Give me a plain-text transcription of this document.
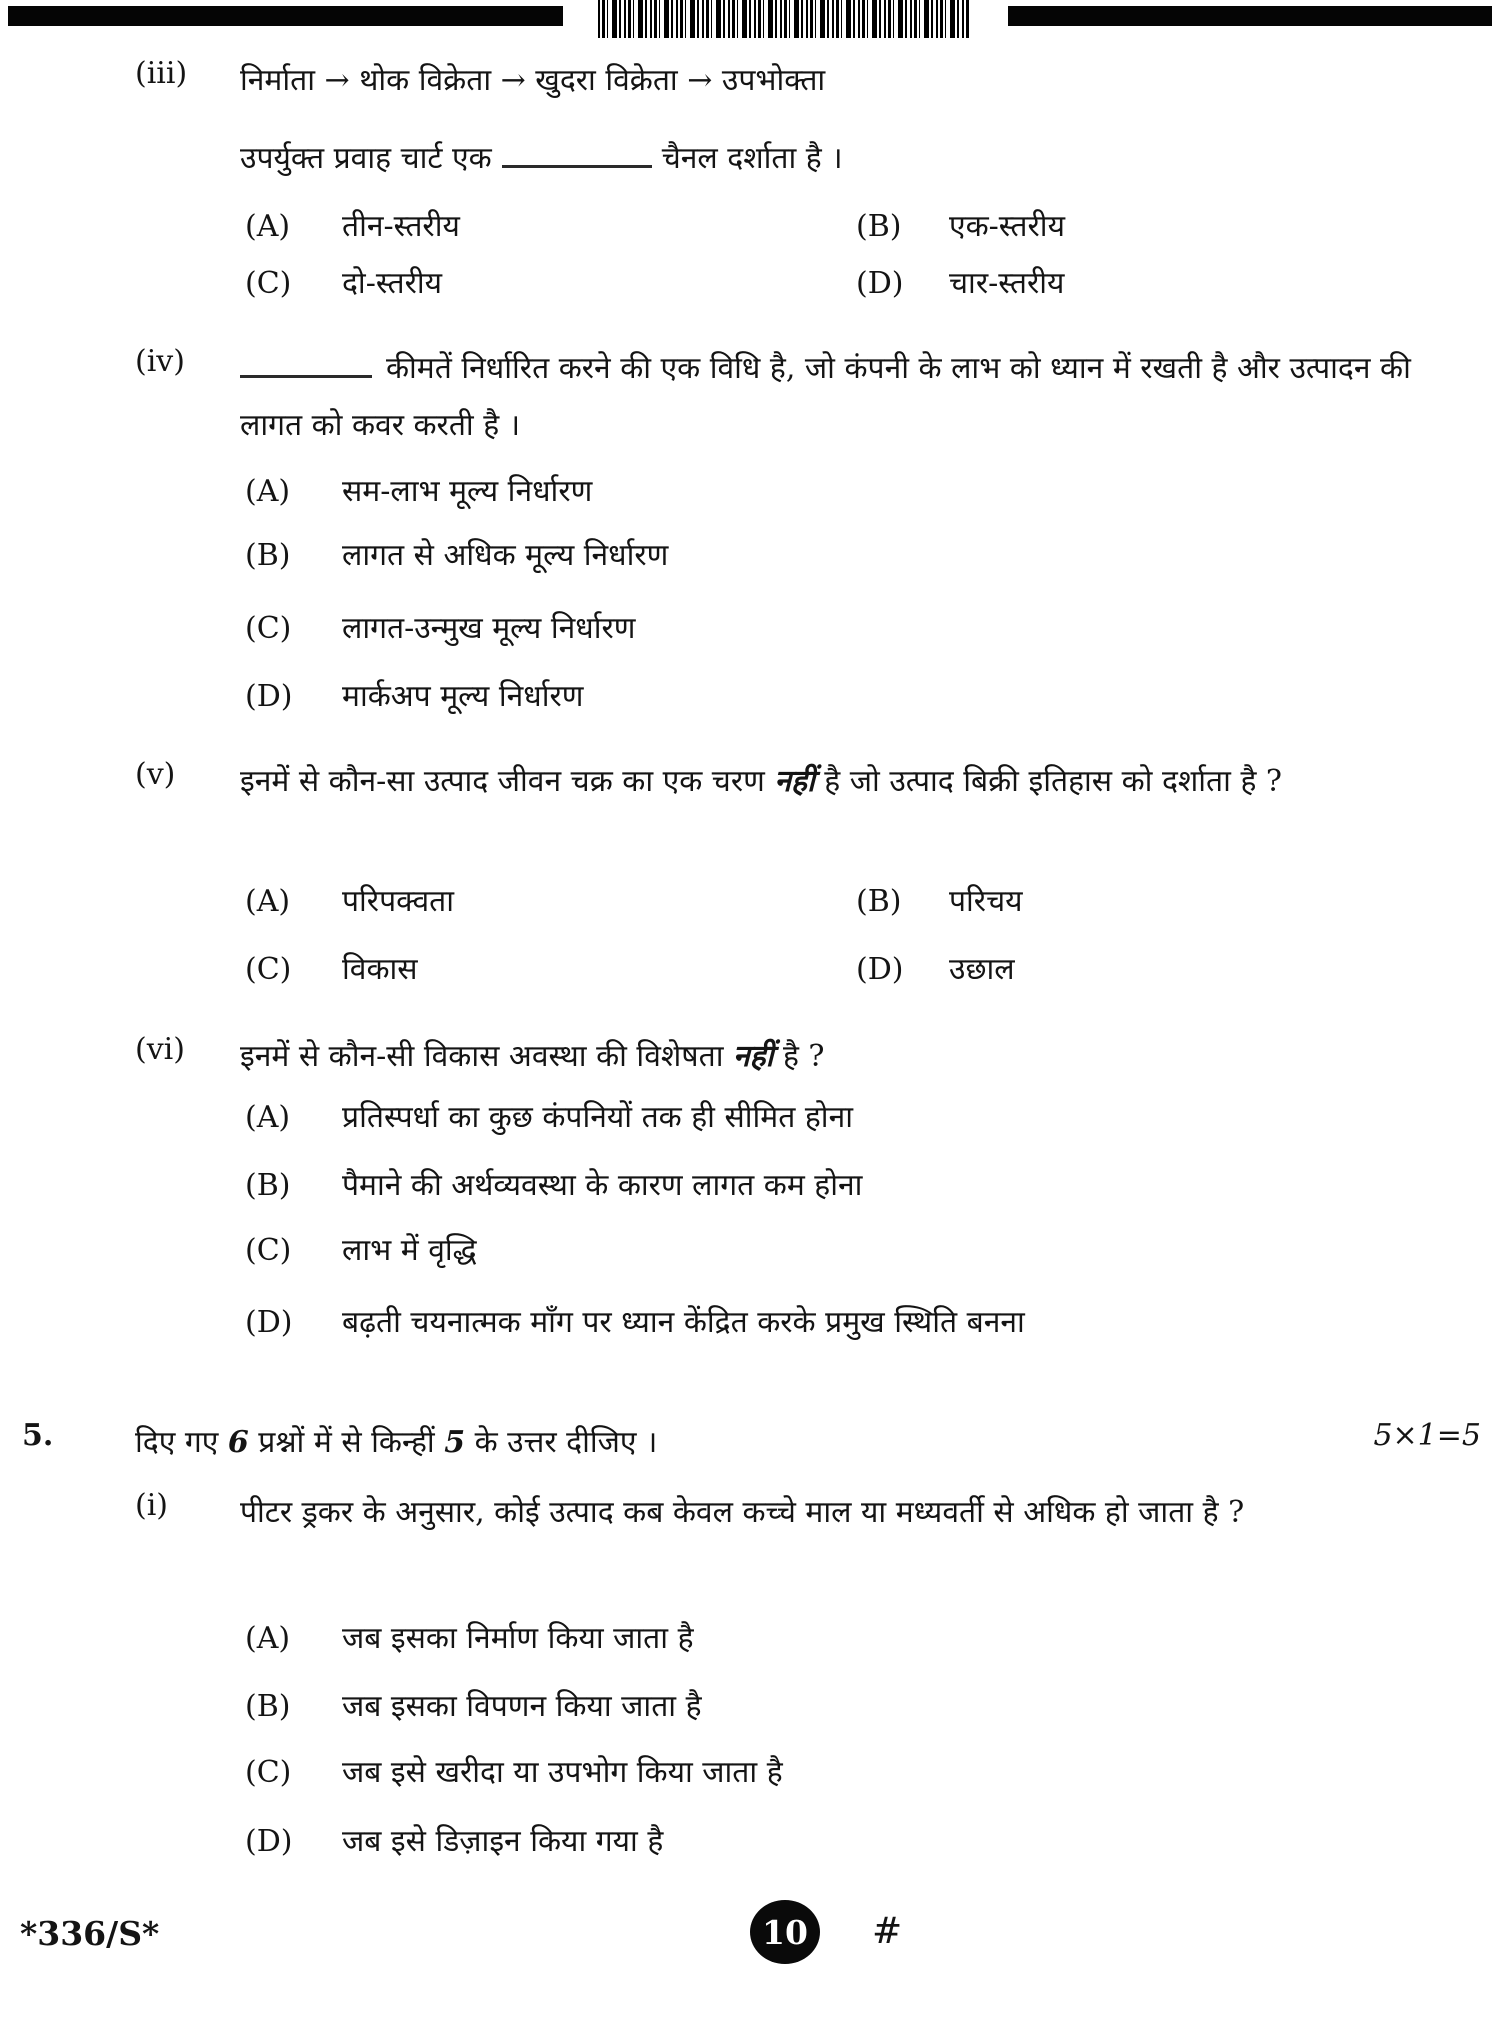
(iii) निर्माता → थोक विक्रेता → खुदरा विक्रेता → उपभोक्ता
उपर्युक्त प्रवाह चार्ट एक	चैनल दर्शाता है ।
(A) तीन-स्तरीय	(B) एक-स्तरीय
(C) दो-स्तरीय	(D) चार-स्तरीय
(iv)	कीमतें निर्धारित करने की एक विधि है, जो कंपनी के लाभ को ध्यान में रखती है और उत्पादन की लागत को कवर करती है ।
(A) सम-लाभ मूल्य निर्धारण
(B) लागत से अधिक मूल्य निर्धारण
(C) लागत-उन्मुख मूल्य निर्धारण
(D) मार्कअप मूल्य निर्धारण
(v) इनमें से कौन-सा उत्पाद जीवन चक्र का एक चरण नहीं है जो उत्पाद बिक्री इतिहास को दर्शाता है ?
(A) परिपक्वता	(B) परिचय
(C) विकास	(D) उछाल
(vi) इनमें से कौन-सी विकास अवस्था की विशेषता नहीं है ?
(A) प्रतिस्पर्धा का कुछ कंपनियों तक ही सीमित होना
(B) पैमाने की अर्थव्यवस्था के कारण लागत कम होना
(C) लाभ में वृद्धि
(D) बढ़ती चयनात्मक माँग पर ध्यान केंद्रित करके प्रमुख स्थिति बनना
5.	दिए गए 6 प्रश्नों में से किन्हीं 5 के उत्तर दीजिए ।	5×1=5
(i) पीटर ड्रकर के अनुसार, कोई उत्पाद कब केवल कच्चे माल या मध्यवर्ती से अधिक हो जाता है ?
(A) जब इसका निर्माण किया जाता है
(B) जब इसका विपणन किया जाता है
(C) जब इसे खरीदा या उपभोग किया जाता है
(D) जब इसे डिज़ाइन किया गया है
*336/S*	10 #
